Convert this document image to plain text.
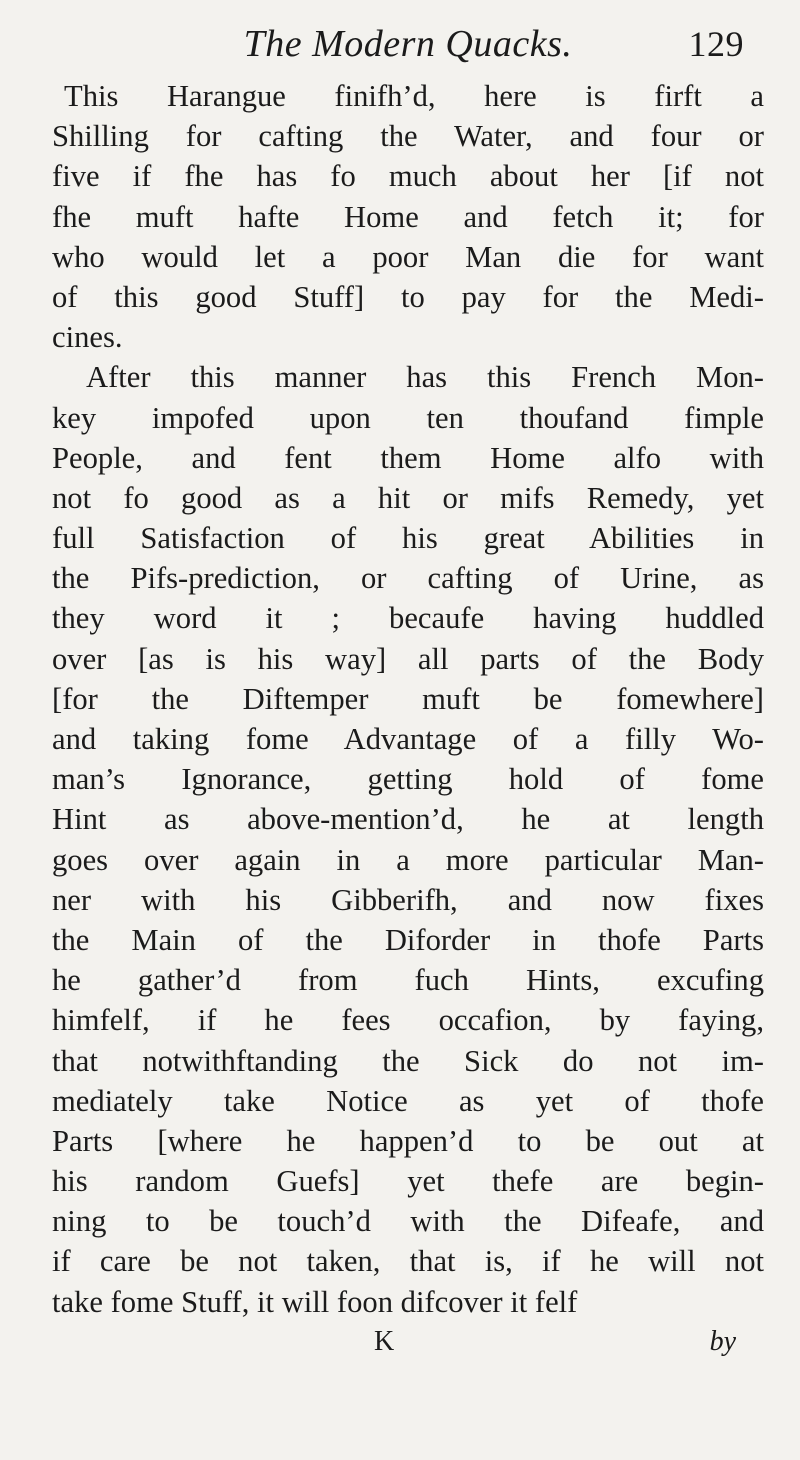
The Modern Quacks.	129
This Harangue finifh’d, here is firft a
Shilling for cafting the Water, and four or
five if fhe has fo much about her [if not
fhe muft hafte Home and fetch it; for
who would let a poor Man die for want
of this good Stuff] to pay for the Medi-
cines.
After this manner has this French Mon-
key impofed upon ten thoufand fimple
People, and fent them Home alfo with
not fo good as a hit or mifs Remedy, yet
full Satisfaction of his great Abilities in
the Pifs-prediction, or cafting of Urine, as
they word it ; becaufe having huddled
over [as is his way] all parts of the Body
[for the Diftemper muft be fomewhere]
and taking fome Advantage of a filly Wo-
man’s Ignorance, getting hold of fome
Hint as above-mention’d, he at length
goes over again in a more particular Man-
ner with his Gibberifh, and now fixes
the Main of the Diforder in thofe Parts
he gather’d from fuch Hints, excufing
himfelf, if he fees occafion, by faying,
that notwithftanding the Sick do not im-
mediately take Notice as yet of thofe
Parts [where he happen’d to be out at
his random Guefs] yet thefe are begin-
ning to be touch’d with the Difeafe, and
if care be not taken, that is, if he will not
take fome Stuff, it will foon difcover it felf
K	by
